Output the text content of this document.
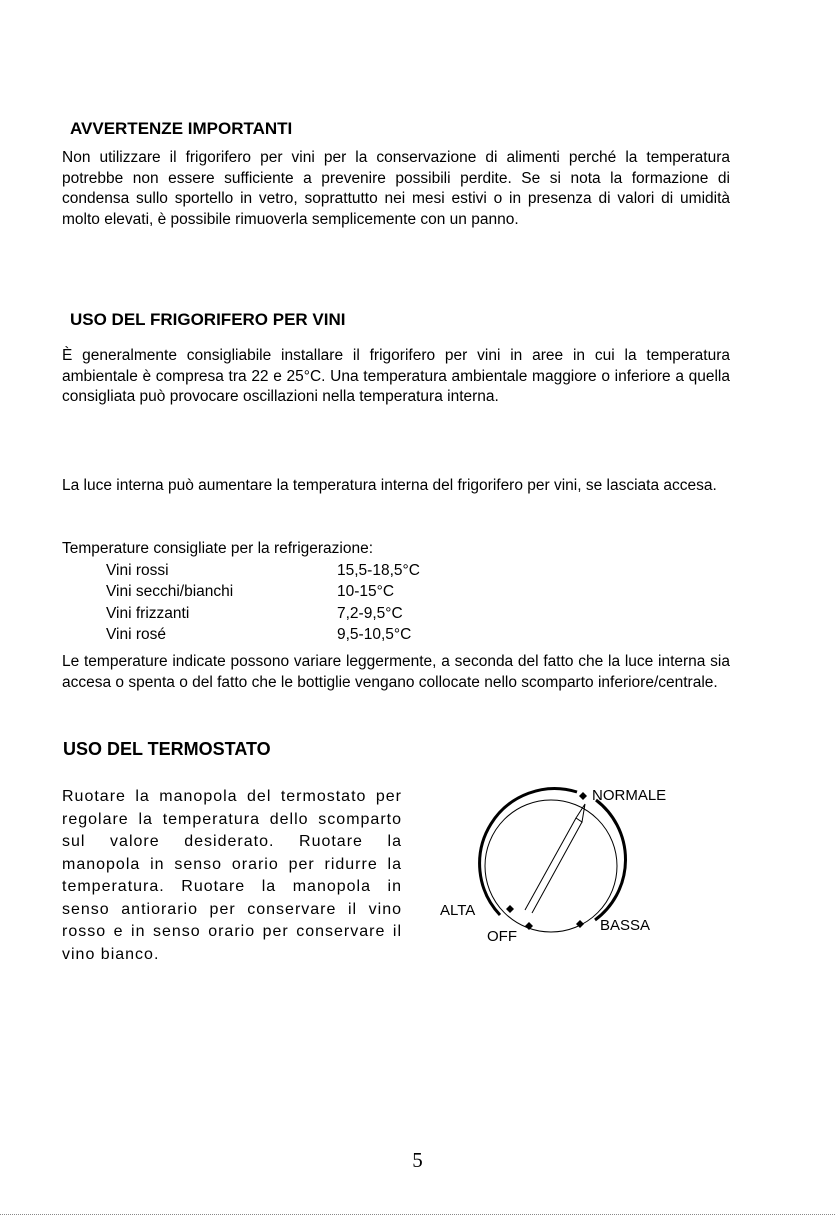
AVVERTENZE IMPORTANTI

Non utilizzare il frigorifero per vini per la conservazione di alimenti perché la temperatura potrebbe non essere sufficiente a prevenire possibili perdite. Se si nota la formazione di condensa sullo sportello in vetro, soprattutto nei mesi estivi o in presenza di valori di umidità molto elevati, è possibile rimuoverla semplicemente con un panno.

USO DEL FRIGORIFERO PER VINI

È generalmente consigliabile installare il frigorifero per vini in aree in cui la temperatura ambientale è compresa tra 22 e 25°C. Una temperatura ambientale maggiore o inferiore a quella consigliata può provocare oscillazioni nella temperatura interna.

La luce interna può aumentare la temperatura interna del frigorifero per vini, se lasciata accesa.

Temperature consigliate per la refrigerazione:
Vini rossi	15,5-18,5°C
Vini secchi/bianchi	10-15°C
Vini frizzanti	7,2-9,5°C
Vini rosé	9,5-10,5°C

Le temperature indicate possono variare leggermente, a seconda del fatto che la luce interna sia accesa o spenta o del fatto che le bottiglie vengano collocate nello scomparto inferiore/centrale.

USO DEL TERMOSTATO

Ruotare la manopola del termostato per regolare la temperatura dello scomparto sul valore desiderato. Ruotare la manopola in senso orario per ridurre la temperatura. Ruotare la manopola in senso antiorario per conservare il vino rosso e in senso orario per conservare il vino bianco.

NORMALE
ALTA
OFF
BASSA
5
